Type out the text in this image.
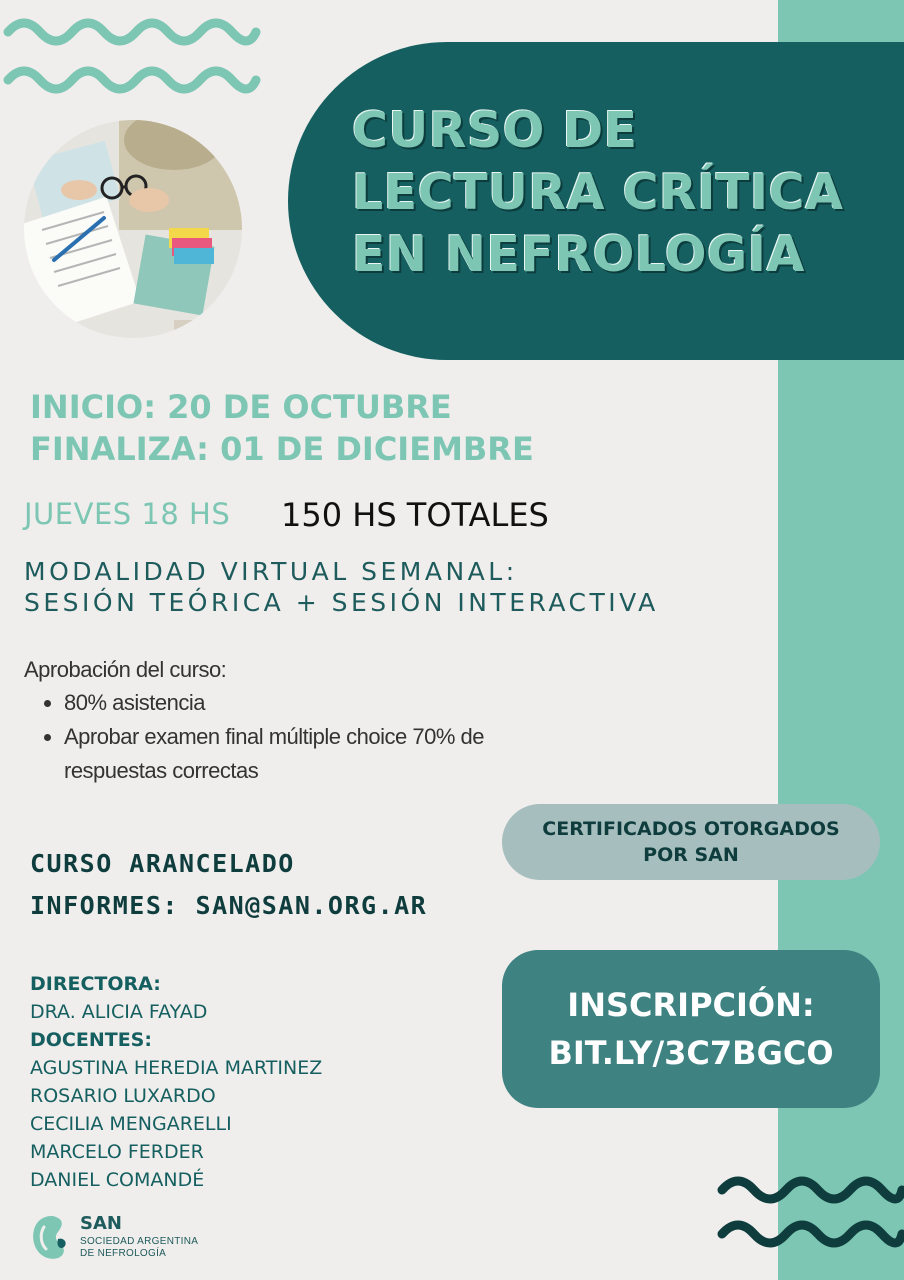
CURSO DE
LECTURA CRÍTICA
EN NEFROLOGÍA
INICIO: 20 DE OCTUBRE
FINALIZA: 01 DE DICIEMBRE
JUEVES 18 HS 150 HS TOTALES
MODALIDAD VIRTUAL SEMANAL:
SESIÓN TEÓRICA + SESIÓN INTERACTIVA
Aprobación del curso:
• 80% asistencia
• Aprobar examen final múltiple choice 70% de respuestas correctas
CURSO ARANCELADO
INFORMES: SAN@SAN.ORG.AR
CERTIFICADOS OTORGADOS
POR SAN
INSCRIPCIÓN:
BIT.LY/3C7BGCO
DIRECTORA:
DRA. ALICIA FAYAD
DOCENTES:
AGUSTINA HEREDIA MARTINEZ
ROSARIO LUXARDO
CECILIA MENGARELLI
MARCELO FERDER
DANIEL COMANDÉ
SAN
SOCIEDAD ARGENTINA
DE NEFROLOGÍA
